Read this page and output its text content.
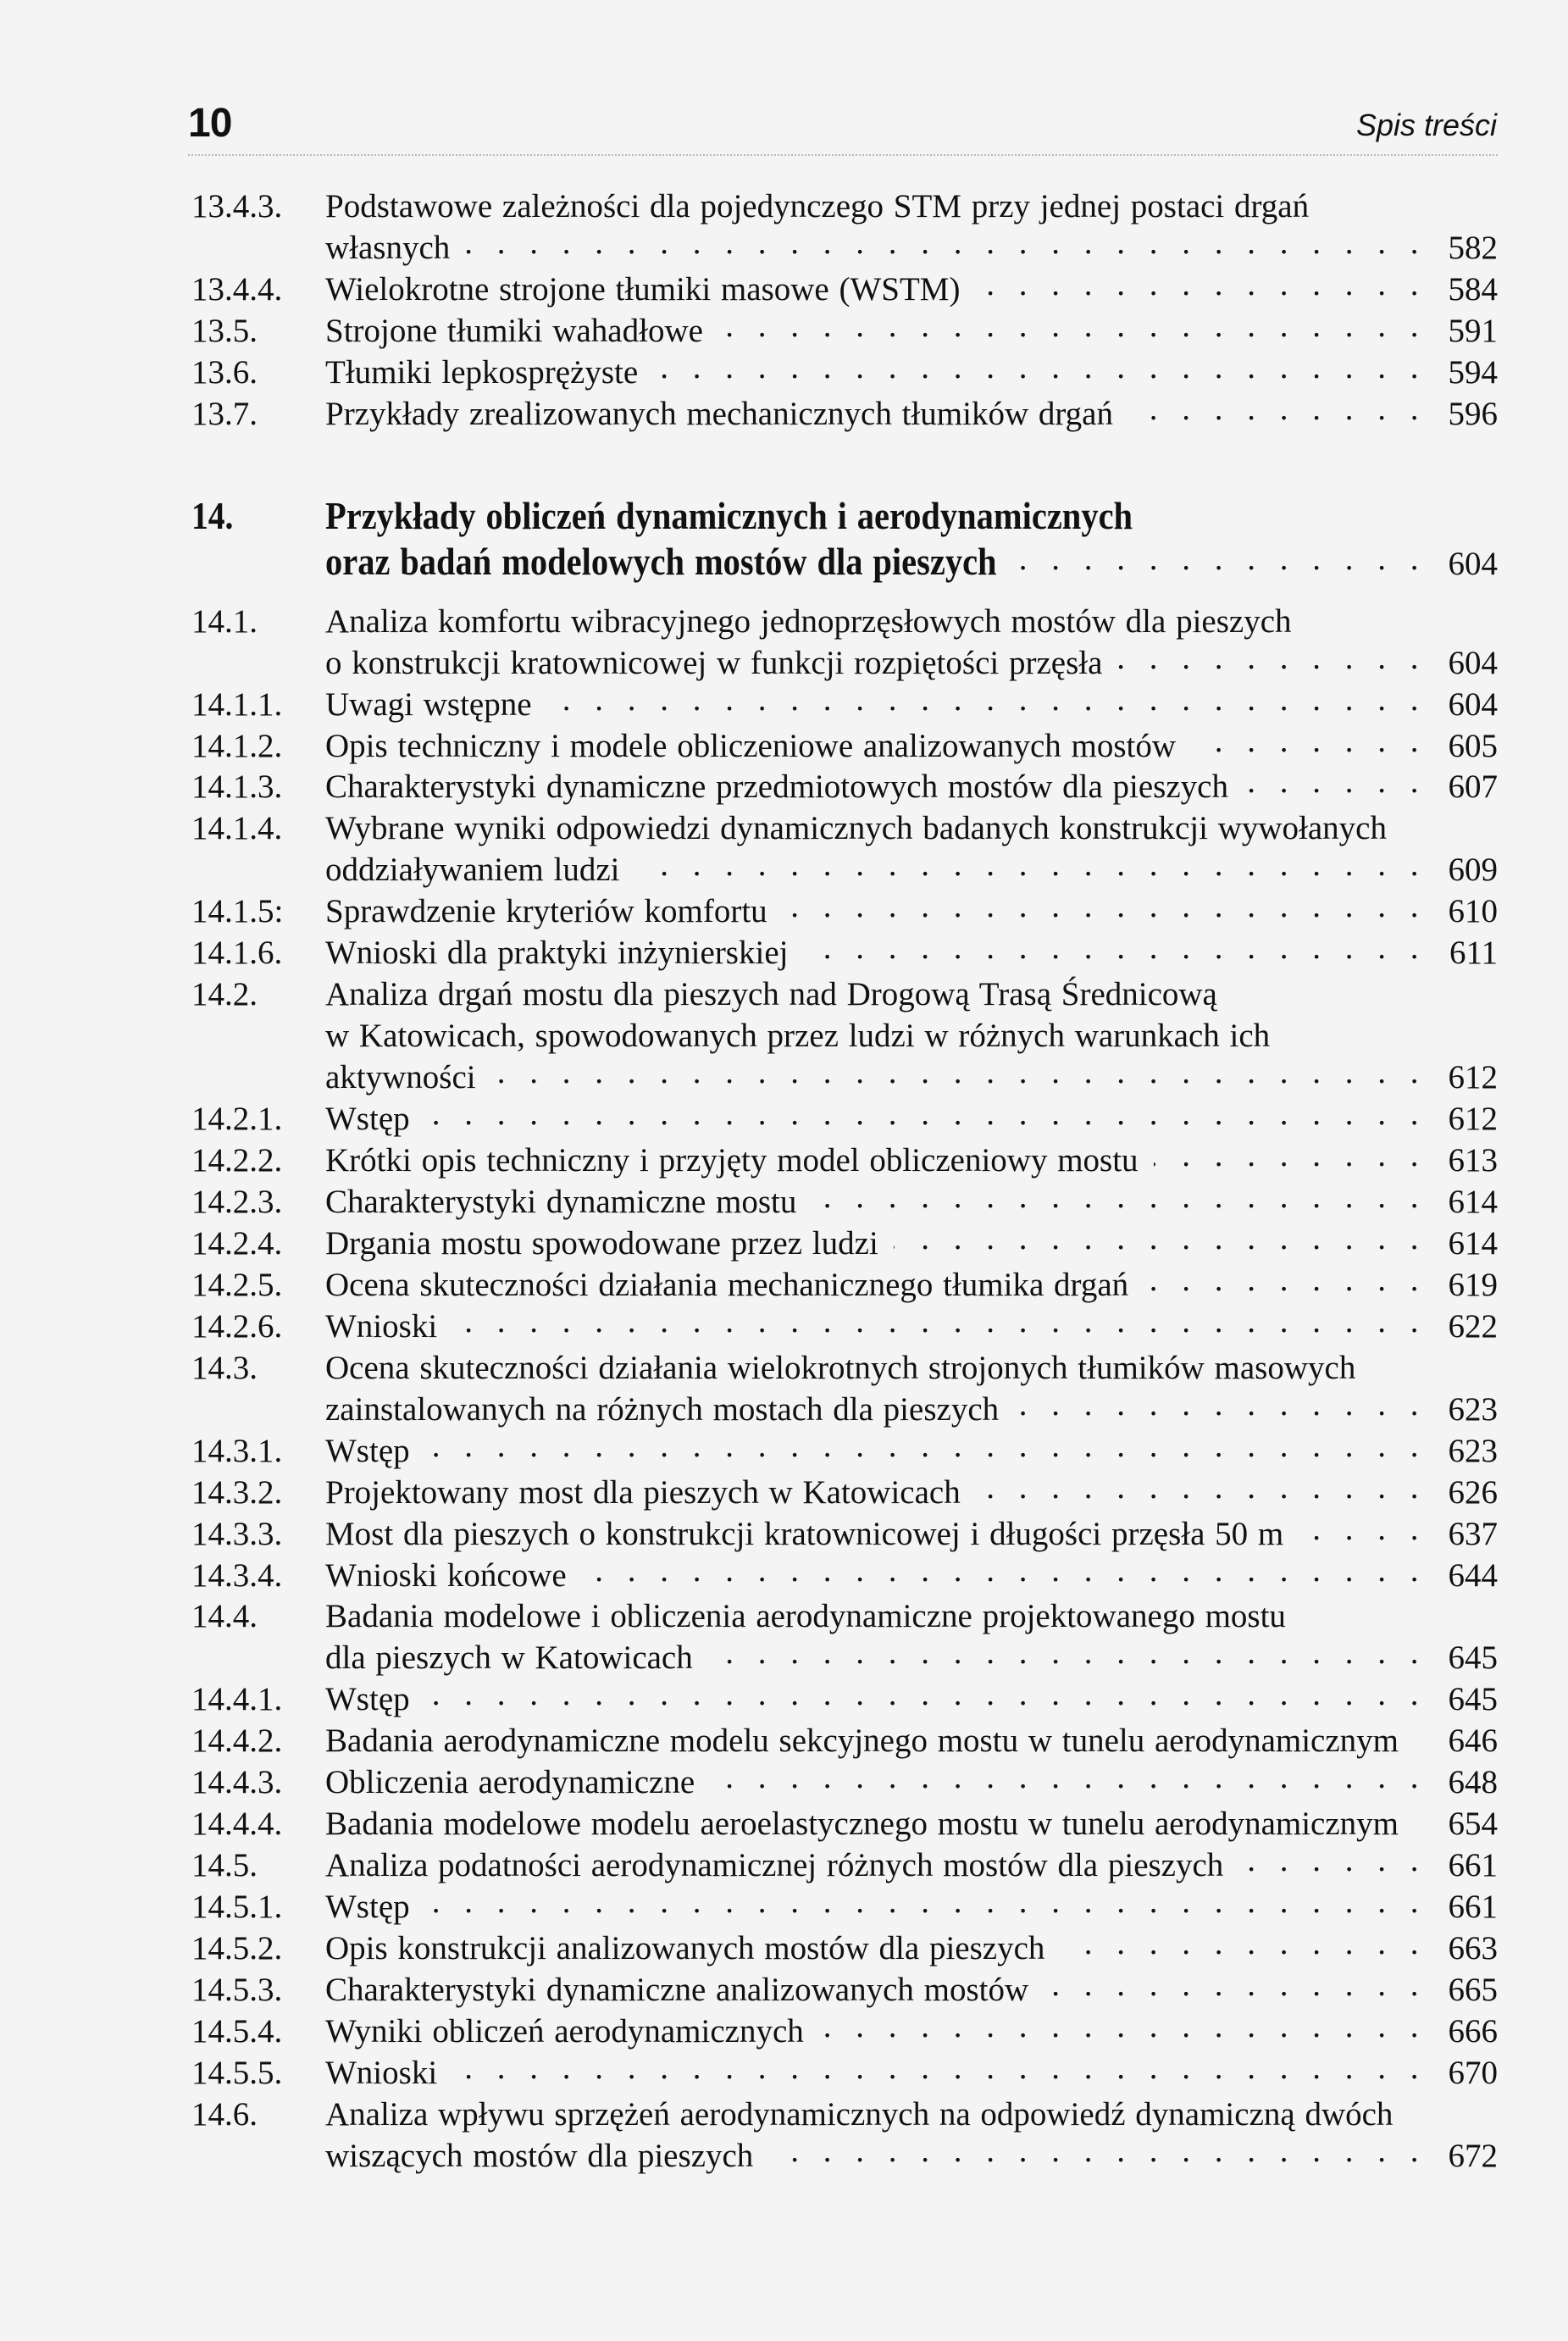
10	Spis treści
13.4.3. Podstawowe zależności dla pojedynczego STM przy jednej postaci drgań
własnych . . .	582
13.4.4. Wielokrotne strojone tłumiki masowe (WSTM) . . .	584
13.5. Strojone tłumiki wahadłowe . . .	591
13.6. Tłumiki lepkosprężyste . . .	594
13.7. Przykłady zrealizowanych mechanicznych tłumików drgań . . .	596
14. Przykłady obliczeń dynamicznych i aerodynamicznych
oraz badań modelowych mostów dla pieszych . . .	604
14.1. Analiza komfortu wibracyjnego jednoprzęsłowych mostów dla pieszych
o konstrukcji kratownicowej w funkcji rozpiętości przęsła . . .	604
14.1.1. Uwagi wstępne . . .	604
14.1.2. Opis techniczny i modele obliczeniowe analizowanych mostów . . .	605
14.1.3. Charakterystyki dynamiczne przedmiotowych mostów dla pieszych . . .	607
14.1.4. Wybrane wyniki odpowiedzi dynamicznych badanych konstrukcji wywołanych
oddziaływaniem ludzi . . .	609
14.1.5: Sprawdzenie kryteriów komfortu . . .	610
14.1.6. Wnioski dla praktyki inżynierskiej . . .	611
14.2. Analiza drgań mostu dla pieszych nad Drogową Trasą Średnicową
w Katowicach, spowodowanych przez ludzi w różnych warunkach ich
aktywności . . .	612
14.2.1. Wstęp . . .	612
14.2.2. Krótki opis techniczny i przyjęty model obliczeniowy mostu . . .	613
14.2.3. Charakterystyki dynamiczne mostu . . .	614
14.2.4. Drgania mostu spowodowane przez ludzi . . .	614
14.2.5. Ocena skuteczności działania mechanicznego tłumika drgań . . .	619
14.2.6. Wnioski . . .	622
14.3. Ocena skuteczności działania wielokrotnych strojonych tłumików masowych
zainstalowanych na różnych mostach dla pieszych . . .	623
14.3.1. Wstęp . . .	623
14.3.2. Projektowany most dla pieszych w Katowicach . . .	626
14.3.3. Most dla pieszych o konstrukcji kratownicowej i długości przęsła 50 m . . .	637
14.3.4. Wnioski końcowe . . .	644
14.4. Badania modelowe i obliczenia aerodynamiczne projektowanego mostu
dla pieszych w Katowicach . . .	645
14.4.1. Wstęp . . .	645
14.4.2. Badania aerodynamiczne modelu sekcyjnego mostu w tunelu aerodynamicznym 646
14.4.3. Obliczenia aerodynamiczne . . .	648
14.4.4. Badania modelowe modelu aeroelastycznego mostu w tunelu aerodynamicznym 654
14.5. Analiza podatności aerodynamicznej różnych mostów dla pieszych . . .	661
14.5.1. Wstęp . . .	661
14.5.2. Opis konstrukcji analizowanych mostów dla pieszych . . .	663
14.5.3. Charakterystyki dynamiczne analizowanych mostów . . .	665
14.5.4. Wyniki obliczeń aerodynamicznych . . .	666
14.5.5. Wnioski . . .	670
14.6. Analiza wpływu sprzężeń aerodynamicznych na odpowiedź dynamiczną dwóch
wiszących mostów dla pieszych . . .	672
